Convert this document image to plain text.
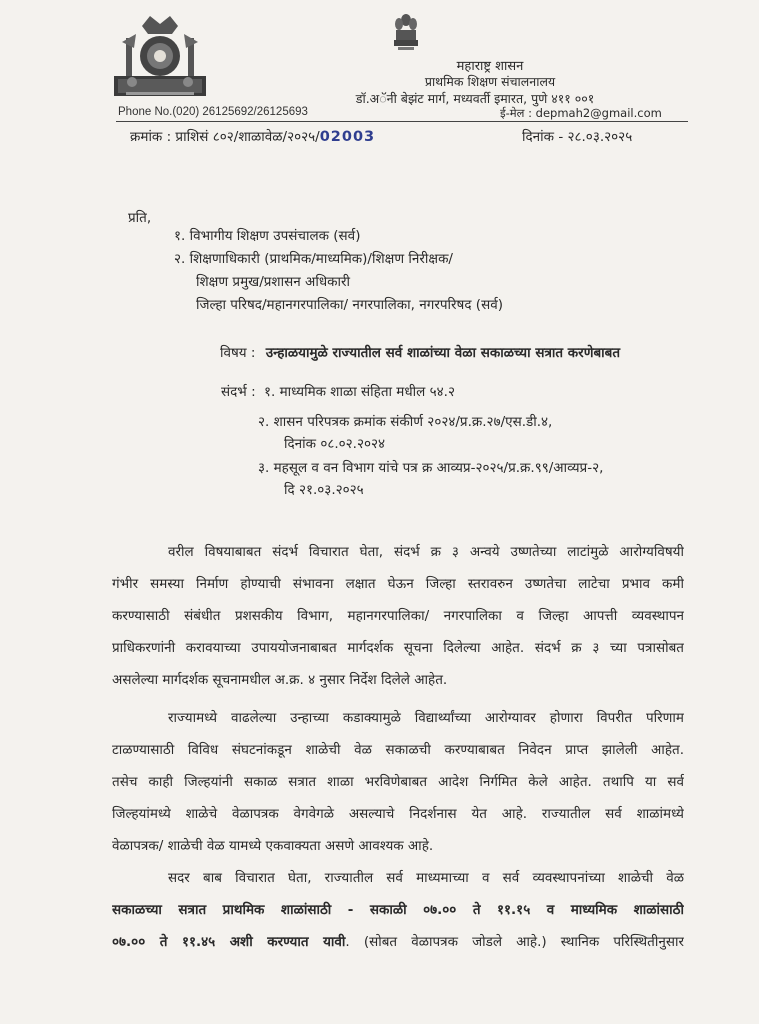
महाराष्ट्र शासन
प्राथमिक शिक्षण संचालनालय
डॉ.अॅनी बेझंट मार्ग, मध्यवर्ती इमारत, पुणे ४११ ००१
Phone No.(020) 26125692/26125693	ई-मेल : depmah2@gmail.com
क्रमांक : प्राशिसं ८०२/शाळावेळ/२०२५/02003	दिनांक - २८.०३.२०२५
प्रति,
१. विभागीय शिक्षण उपसंचालक (सर्व)
२. शिक्षणाधिकारी (प्राथमिक/माध्यमिक)/शिक्षण निरीक्षक/
शिक्षण प्रमुख/प्रशासन अधिकारी
जिल्हा परिषद/महानगरपालिका/ नगरपालिका, नगरपरिषद (सर्व)
विषय : उन्हाळयामुळे राज्यातील सर्व शाळांच्या वेळा सकाळच्या सत्रात करणेबाबत
संदर्भ : १. माध्यमिक शाळा संहिता मधील ५४.२
२. शासन परिपत्रक क्रमांक संकीर्ण २०२४/प्र.क्र.२७/एस.डी.४,
दिनांक ०८.०२.२०२४
३. महसूल व वन विभाग यांचे पत्र क्र आव्यप्र-२०२५/प्र.क्र.९९/आव्यप्र-२,
दि २१.०३.२०२५
वरील विषयाबाबत संदर्भ विचारात घेता, संदर्भ क्र ३ अन्वये उष्णतेच्या लाटांमुळे आरोग्यविषयी
गंभीर समस्या निर्माण होण्याची संभावना लक्षात घेऊन जिल्हा स्तरावरुन उष्णतेचा लाटेचा प्रभाव कमी
करण्यासाठी संबंधीत प्रशसकीय विभाग, महानगरपालिका/ नगरपालिका व जिल्हा आपत्ती व्यवस्थापन
प्राधिकरणांनी करावयाच्या उपाययोजनाबाबत मार्गदर्शक सूचना दिलेल्या आहेत. संदर्भ क्र ३ च्या पत्रासोबत
असलेल्या मार्गदर्शक सूचनामधील अ.क्र. ४ नुसार निर्देश दिलेले आहेत.
राज्यामध्ये वाढलेल्या उन्हाच्या कडाक्यामुळे विद्यार्थ्यांच्या आरोग्यावर होणारा विपरीत परिणाम
टाळण्यासाठी विविध संघटनांकडून शाळेची वेळ सकाळची करण्याबाबत निवेदन प्राप्त झालेली आहेत.
तसेच काही जिल्हयांनी सकाळ सत्रात शाळा भरविणेबाबत आदेश निर्गमित केले आहेत. तथापि या सर्व
जिल्हयांमध्ये शाळेचे वेळापत्रक वेगवेगळे असल्याचे निदर्शनास येत आहे. राज्यातील सर्व शाळांमध्ये
वेळापत्रक/ शाळेची वेळ यामध्ये एकवाक्यता असणे आवश्यक आहे.
सदर बाब विचारात घेता, राज्यातील सर्व माध्यमाच्या व सर्व व्यवस्थापनांच्या शाळेची वेळ
सकाळच्या सत्रात प्राथमिक शाळांसाठी - सकाळी ०७.०० ते ११.१५ व माध्यमिक शाळांसाठी
०७.०० ते ११.४५ अशी करण्यात यावी. (सोबत वेळापत्रक जोडले आहे.) स्थानिक परिस्थितीनुसार
